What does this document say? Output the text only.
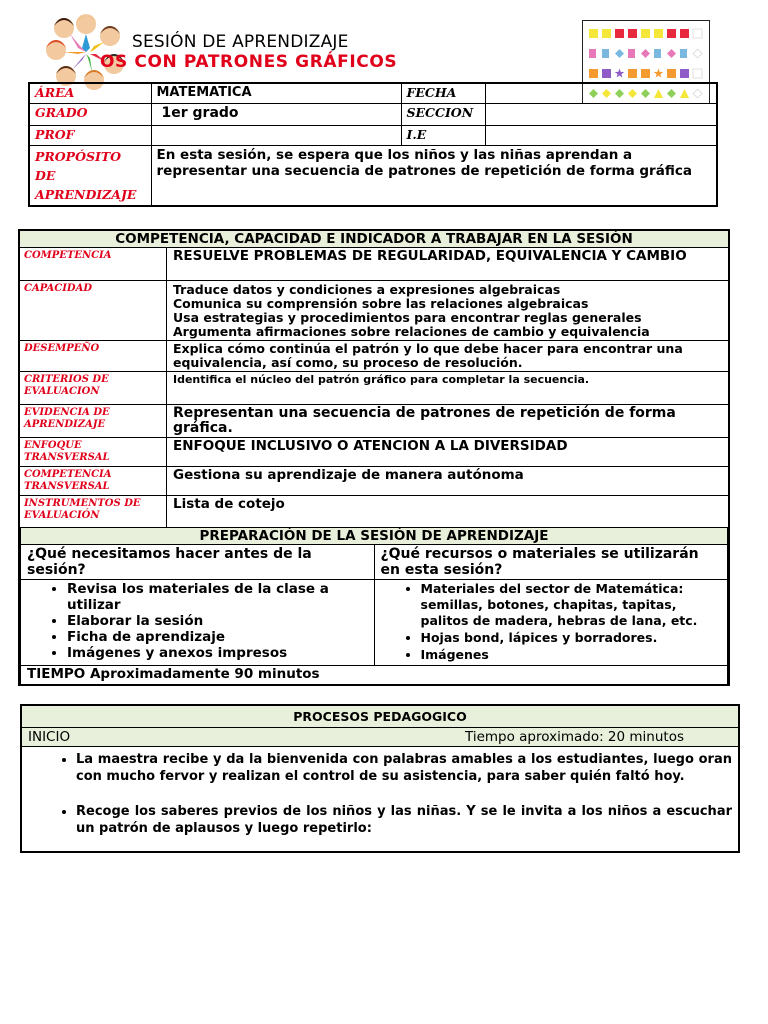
SESIÓN DE APRENDIZAJE
OS CON PATRONES GRÁFICOS
ÁREA	MATEMATICA	FECHA	
GRADO	1er grado	SECCION	
PROF		I.E	
PROPÓSITO DE APRENDIZAJE	En esta sesión, se espera que los niños y las niñas aprendan a representar una secuencia de patrones de repetición de forma gráfica		
COMPETENCIA, CAPACIDAD E INDICADOR A TRABAJAR EN LA SESIÓN
COMPETENCIA	RESUELVE PROBLEMAS DE REGULARIDAD, EQUIVALENCIA Y CAMBIO
CAPACIDAD	Traduce datos y condiciones a expresiones algebraicas
Comunica su comprensión sobre las relaciones algebraicas
Usa estrategias y procedimientos para encontrar reglas generales
Argumenta afirmaciones sobre relaciones de cambio y equivalencia

DESEMPEÑO	Explica cómo continúa el patrón y lo que debe hacer para encontrar una equivalencia, así como, su proceso de resolución.
CRITERIOS DE EVALUACION	Identifica el núcleo del patrón gráfico para completar la secuencia.
EVIDENCIA DE APRENDIZAJE	Representan una secuencia de patrones de repetición de forma gráfica.
ENFOQUE TRANSVERSAL	ENFOQUE INCLUSIVO O ATENCION A LA DIVERSIDAD
COMPETENCIA TRANSVERSAL	Gestiona su aprendizaje de manera autónoma
INSTRUMENTOS DE EVALUACIÓN	Lista de cotejo

PREPARACIÓN DE LA SESIÓN DE APRENDIZAJE
¿Qué necesitamos hacer antes de la sesión?	¿Qué recursos o materiales se utilizarán en esta sesión?

• Revisa los materiales de la clase a utilizar
• Elaborar la sesión
• Ficha de aprendizaje
• Imágenes y anexos impresos

• Materiales del sector de Matemática: semillas, botones, chapitas, tapitas, palitos de madera, hebras de lana, etc.
• Hojas bond, lápices y borradores.
• Imágenes

TIEMPO Aproximadamente 90 minutos
PROCESOS PEDAGOGICO
INICIO	Tiempo aproximado: 20 minutos

• La maestra recibe y da la bienvenida con palabras amables a los estudiantes, luego oran con mucho fervor y realizan el control de su asistencia, para saber quién faltó hoy.
• Recoge los saberes previos de los niños y las niñas. Y se le invita a los niños a escuchar un patrón de aplausos y luego repetirlo:
